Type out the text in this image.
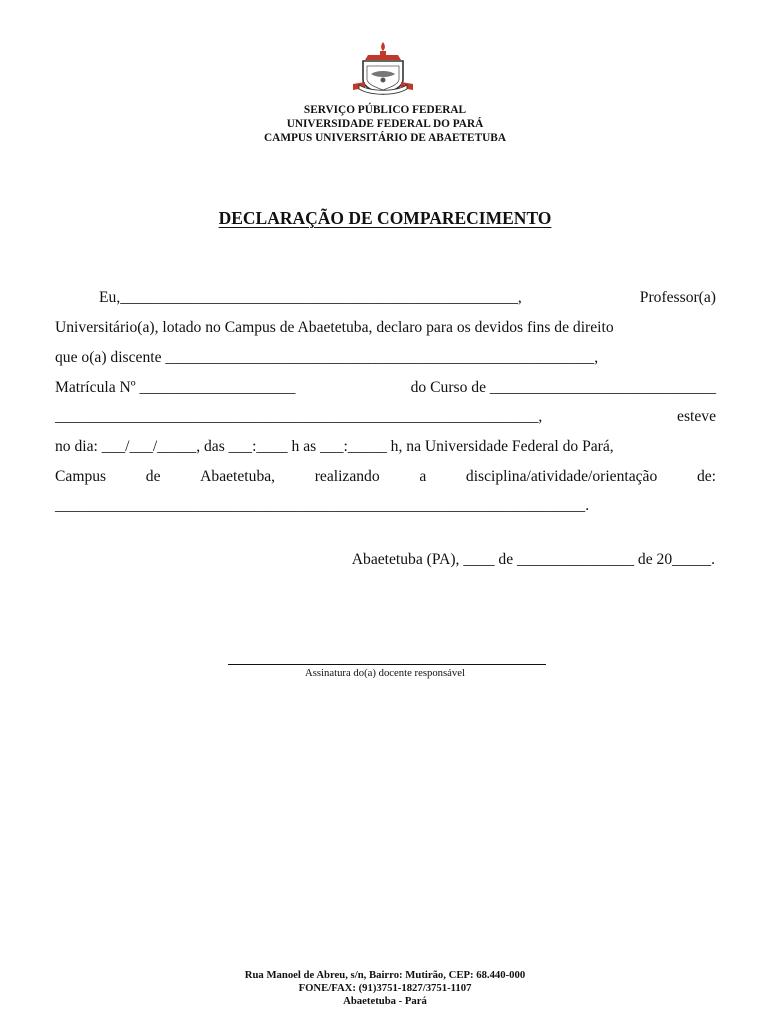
SERVIÇO PÚBLICO FEDERAL
UNIVERSIDADE FEDERAL DO PARÁ
CAMPUS UNIVERSITÁRIO DE ABAETETUBA
DECLARAÇÃO DE COMPARECIMENTO
Eu,___________________________________________________,	Professor(a)
Universitário(a), lotado no Campus de Abaetetuba, declaro para os devidos fins de direito
que o(a) discente _______________________________________________________,
Matrícula Nº ____________________	do Curso de _____________________________
______________________________________________________________,	esteve
no dia: ___/___/_____, das ___:____ h as ___:_____ h, na Universidade Federal do Pará,
Campus	de	Abaetetuba,	realizando	a	disciplina/atividade/orientação	de:
____________________________________________________________________.
Abaetetuba (PA), ____ de _______________ de 20_____.
Assinatura do(a) docente responsável
Rua Manoel de Abreu, s/n, Bairro: Mutirão, CEP: 68.440-000
FONE/FAX: (91)3751-1827/3751-1107
Abaetetuba - Pará
